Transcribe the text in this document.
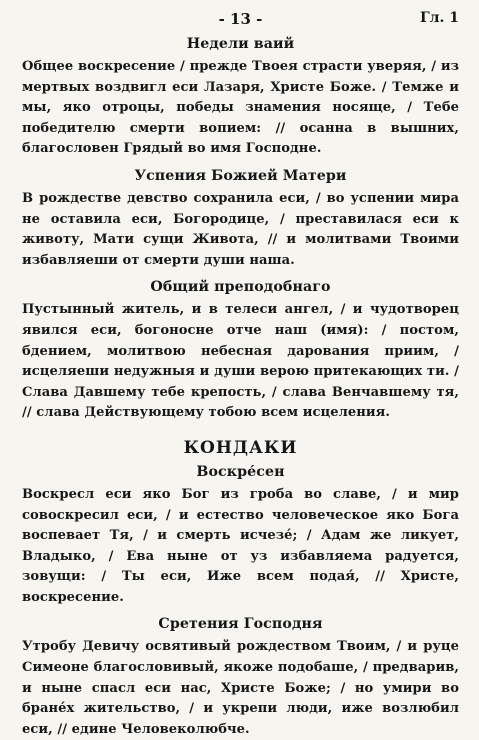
- 13 -	Гл. 1
Недели ваий
Общее воскресение / прежде Твоея страсти уверяя, / из мертвых воздвигл еси Лазаря, Христе Боже. / Темже и мы, яко отроцы, победы знамения носяще, / Тебе победителю смерти вопием: // осанна в вышних, благословен Грядый во имя Господне.
Успения Божией Матери
В рождестве девство сохранила еси, / во успении мира не оставила еси, Богородице, / преставилася еси к животу, Мати сущи Живота, // и молитвами Твоими избавляеши от смерти души наша.
Общий преподобнаго
Пустынный житель, и в телеси ангел, / и чудотворец явился еси, богоносне отче наш (имя): / постом, бдением, молитвою небесная дарования приим, / исцеляеши недужныя и души верою притекающих ти. / Слава Давшему тебе крепость, / слава Венчавшему тя, // слава Действующему тобою всем исцеления.
КОНДАКИ
Воскре́сен
Воскресл еси яко Бог из гроба во славе, / и мир совоскресил еси, / и естество человеческое яко Бога воспевает Тя, / и смерть исчезе́; / Адам же ликует, Владыко, / Ева ныне от уз избавляема радуется, зовущи: / Ты еси, Иже всем подая́, // Христе, воскресение.
Сретения Господня
Утробу Девичу освятивый рождеством Твоим, / и руце Симеоне благословивый, якоже подобаше, / предварив, и ныне спасл еси нас, Христе Боже; / но умири во бране́х жительство, / и укрепи люди, иже возлюбил еси, // едине Человеколюбче.
